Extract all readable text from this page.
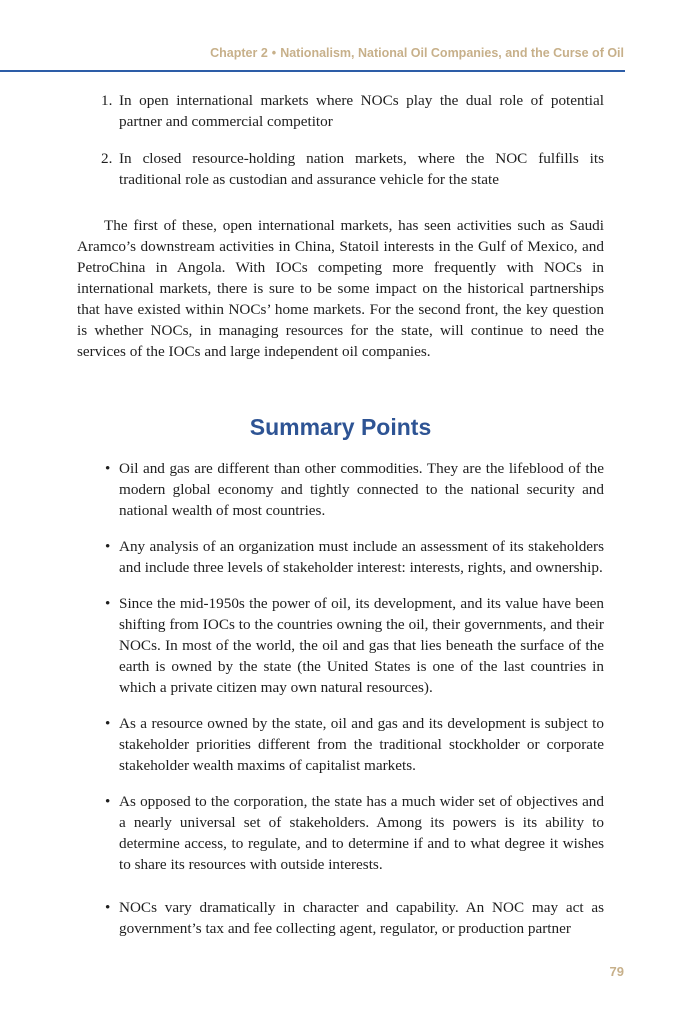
Chapter 2 • Nationalism, National Oil Companies, and the Curse of Oil
1. In open international markets where NOCs play the dual role of potential partner and commercial competitor
2. In closed resource-holding nation markets, where the NOC fulfills its traditional role as custodian and assurance vehicle for the state

The first of these, open international markets, has seen activities such as Saudi Aramco’s downstream activities in China, Statoil interests in the Gulf of Mexico, and PetroChina in Angola. With IOCs competing more frequently with NOCs in international markets, there is sure to be some impact on the historical partnerships that have existed within NOCs’ home markets. For the second front, the key question is whether NOCs, in managing resources for the state, will continue to need the services of the IOCs and large independent oil companies.

Summary Points
• Oil and gas are different than other commodities. They are the lifeblood of the modern global economy and tightly connected to the national security and national wealth of most countries.
• Any analysis of an organization must include an assessment of its stakeholders and include three levels of stakeholder interest: interests, rights, and ownership.
• Since the mid-1950s the power of oil, its development, and its value have been shifting from IOCs to the countries owning the oil, their governments, and their NOCs. In most of the world, the oil and gas that lies beneath the surface of the earth is owned by the state (the United States is one of the last countries in which a private citizen may own natural resources).
• As a resource owned by the state, oil and gas and its development is subject to stakeholder priorities different from the traditional stockholder or corporate stakeholder wealth maxims of capitalist markets.
• As opposed to the corporation, the state has a much wider set of objectives and a nearly universal set of stakeholders. Among its powers is its ability to determine access, to regulate, and to determine if and to what degree it wishes to share its resources with outside interests.
• NOCs vary dramatically in character and capability. An NOC may act as government’s tax and fee collecting agent, regulator, or production partner
79
